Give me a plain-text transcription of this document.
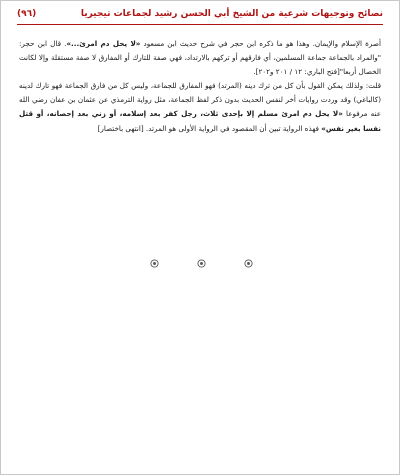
نصائح وتوجيهات شرعية من الشيخ أبي الحسن رشيد لجماعات تيجيريا
(٩٦)

أصرة الإسلام والإيمان. وهذا هو ما ذكره ابن حجر في شرح حديث ابن مسعود «لا يحل دم امرئ...». قال ابن حجر: "والمراد بالجماعة جماعة المسلمين، أي فارقهم أو تركهم بالارتداد، فهي صفة للتارك أو المفارق لا صفة مستقلة وإلا لكانت الخصال أربعا"[فتح الباري: ١٢ / ٢٠١ و٢٠٢].

قلت: ولذلك يمكن القول بأن كل من ترك دينه (المرتد) فهو المفارق للجماعة، وليس كل من فارق الجماعة فهو تارك لدينه (كالباغي) وقد وردت روايات أخر لنفس الحديث بدون ذكر لفظ الجماعة، مثل رواية الترمذي عن عثمان بن عفان رضي الله عنه مرفوعا «لا يحل دم امرئ مسلم إلا بإحدى ثلاث، رجل كفر بعد إسلامه، أو زني بعد إحصانه، أو قتل نفسا بغير نفس» فهذه الرواية تبين أن المقصود في الرواية الأولى هو المرتد. [انتهى باختصار]
